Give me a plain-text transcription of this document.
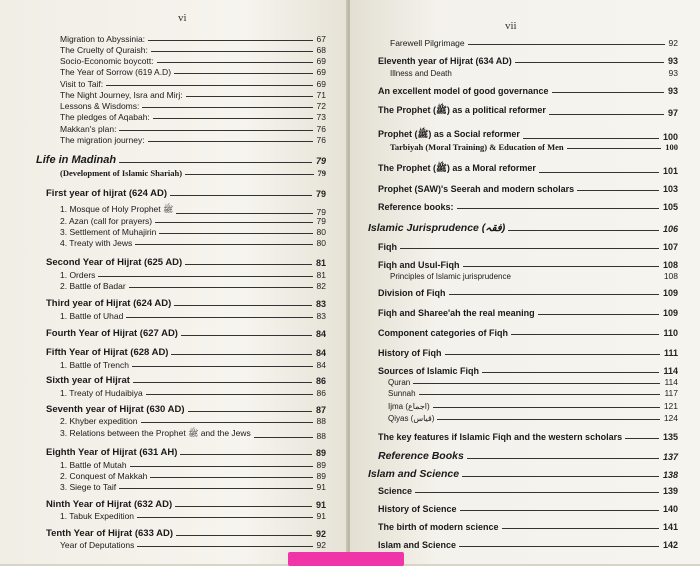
vi
Migration to Abyssinia:	67
The Cruelty of Quraish:	68
Socio-Economic boycott:	69
The Year of Sorrow (619 A.D)	69
Visit to Taif:	69
The Night Journey, Isra and Mirj:	71
Lessons & Wisdoms:	72
The pledges of Aqabah:	73
Makkan's plan:	76
The migration journey:	76
Life in Madinah	79
(Development of Islamic Shariah)	79
First year of hijrat (624 AD)	79
1. Mosque of Holy Prophet ﷺ	79
2. Azan (call for prayers)	79
3. Settlement of Muhajirin	80
4. Treaty with Jews	80
Second Year of Hijrat (625 AD)	81
1. Orders	81
2. Battle of Badar	82
Third year of Hijrat (624 AD)	83
1. Battle of Uhad	83
Fourth Year of Hijrat (627 AD)	84
Fifth Year of Hijrat (628 AD)	84
1. Battle of Trench	84
Sixth year of Hijrat	86
1. Treaty of Hudaibiya	86
Seventh year of Hijrat (630 AD)	87
2. Khyber expedition	88
3. Relations between the Prophet ﷺ and the Jews	88
Eighth Year of Hijrat (631 AH)	89
1. Battle of Mutah	89
2. Conquest of Makkah	89
3. Siege to Taif	91
Ninth Year of Hijrat (632 AD)	91
1. Tabuk Expedition	91
Tenth Year of Hijrat (633 AD)	92
Year of Deputations	92
vii
Farewell Pilgrimage	92
Eleventh year of Hijrat (634 AD)	93
Illness and Death	93
An excellent model of good governance	93
The Prophet (ﷺ) as a political reformer	97
Prophet (ﷺ) as a Social reformer	100
Tarbiyah (Moral Training) & Education of Men	100
The Prophet (ﷺ) as a Moral reformer	101
Prophet (SAW)'s Seerah and modern scholars	103
Reference books:	105
Islamic Jurisprudence (فقہ)	106
Fiqh	107
Fiqh and Usul-Fiqh	108
Principles of Islamic jurisprudence	108
Division of Fiqh	109
Fiqh and Sharee'ah the real meaning	109
Component categories of Fiqh	110
History of Fiqh	111
Sources of Islamic Fiqh	114
Quran	114
Sunnah	117
Ijma (اجماع)	121
Qiyas (قیاس)	124
The key features if Islamic Fiqh and the western scholars	135
Reference Books	137
Islam and Science	138
Science	139
History of Science	140
The birth of modern science	141
Islam and Science	142
